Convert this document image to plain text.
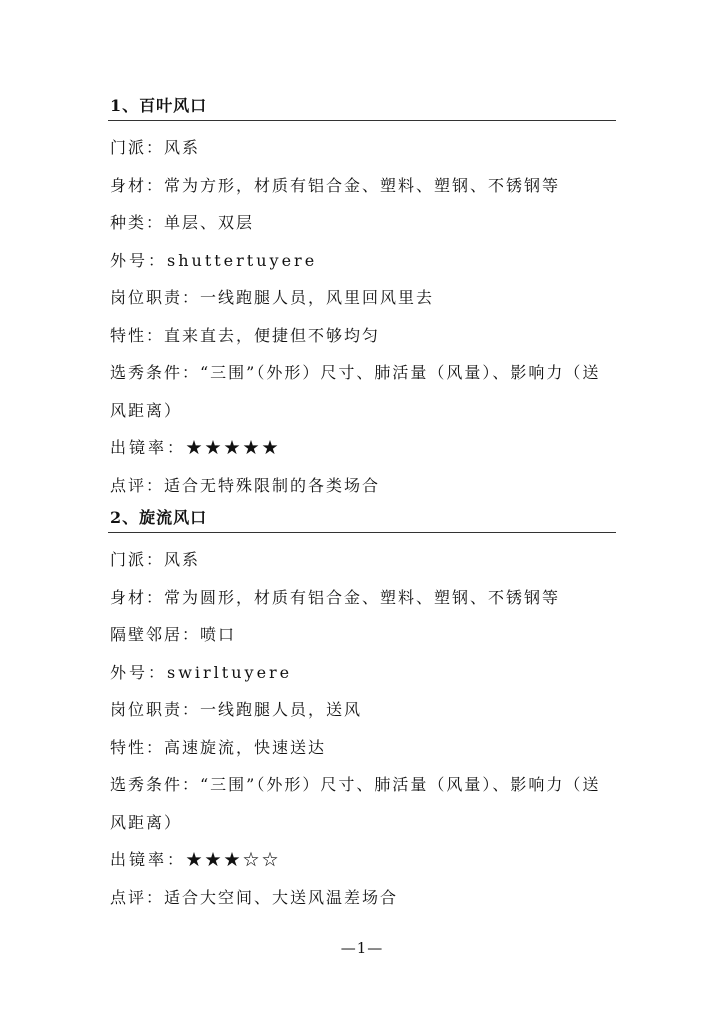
1、百叶风口
门派：风系
身材：常为方形，材质有铝合金、塑料、塑钢、不锈钢等
种类：单层、双层
外号：shuttertuyere
岗位职责：一线跑腿人员，风里回风里去
特性：直来直去，便捷但不够均匀
选秀条件：“三围”（外形）尺寸、肺活量（风量）、影响力（送风距离）
出镜率：★★★★★
点评：适合无特殊限制的各类场合
2、旋流风口
门派：风系
身材：常为圆形，材质有铝合金、塑料、塑钢、不锈钢等
隔壁邻居：喷口
外号：swirltuyere
岗位职责：一线跑腿人员，送风
特性：高速旋流，快速送达
选秀条件：“三围”（外形）尺寸、肺活量（风量）、影响力（送风距离）
出镜率：★★★☆☆
点评：适合大空间、大送风温差场合
—1—
